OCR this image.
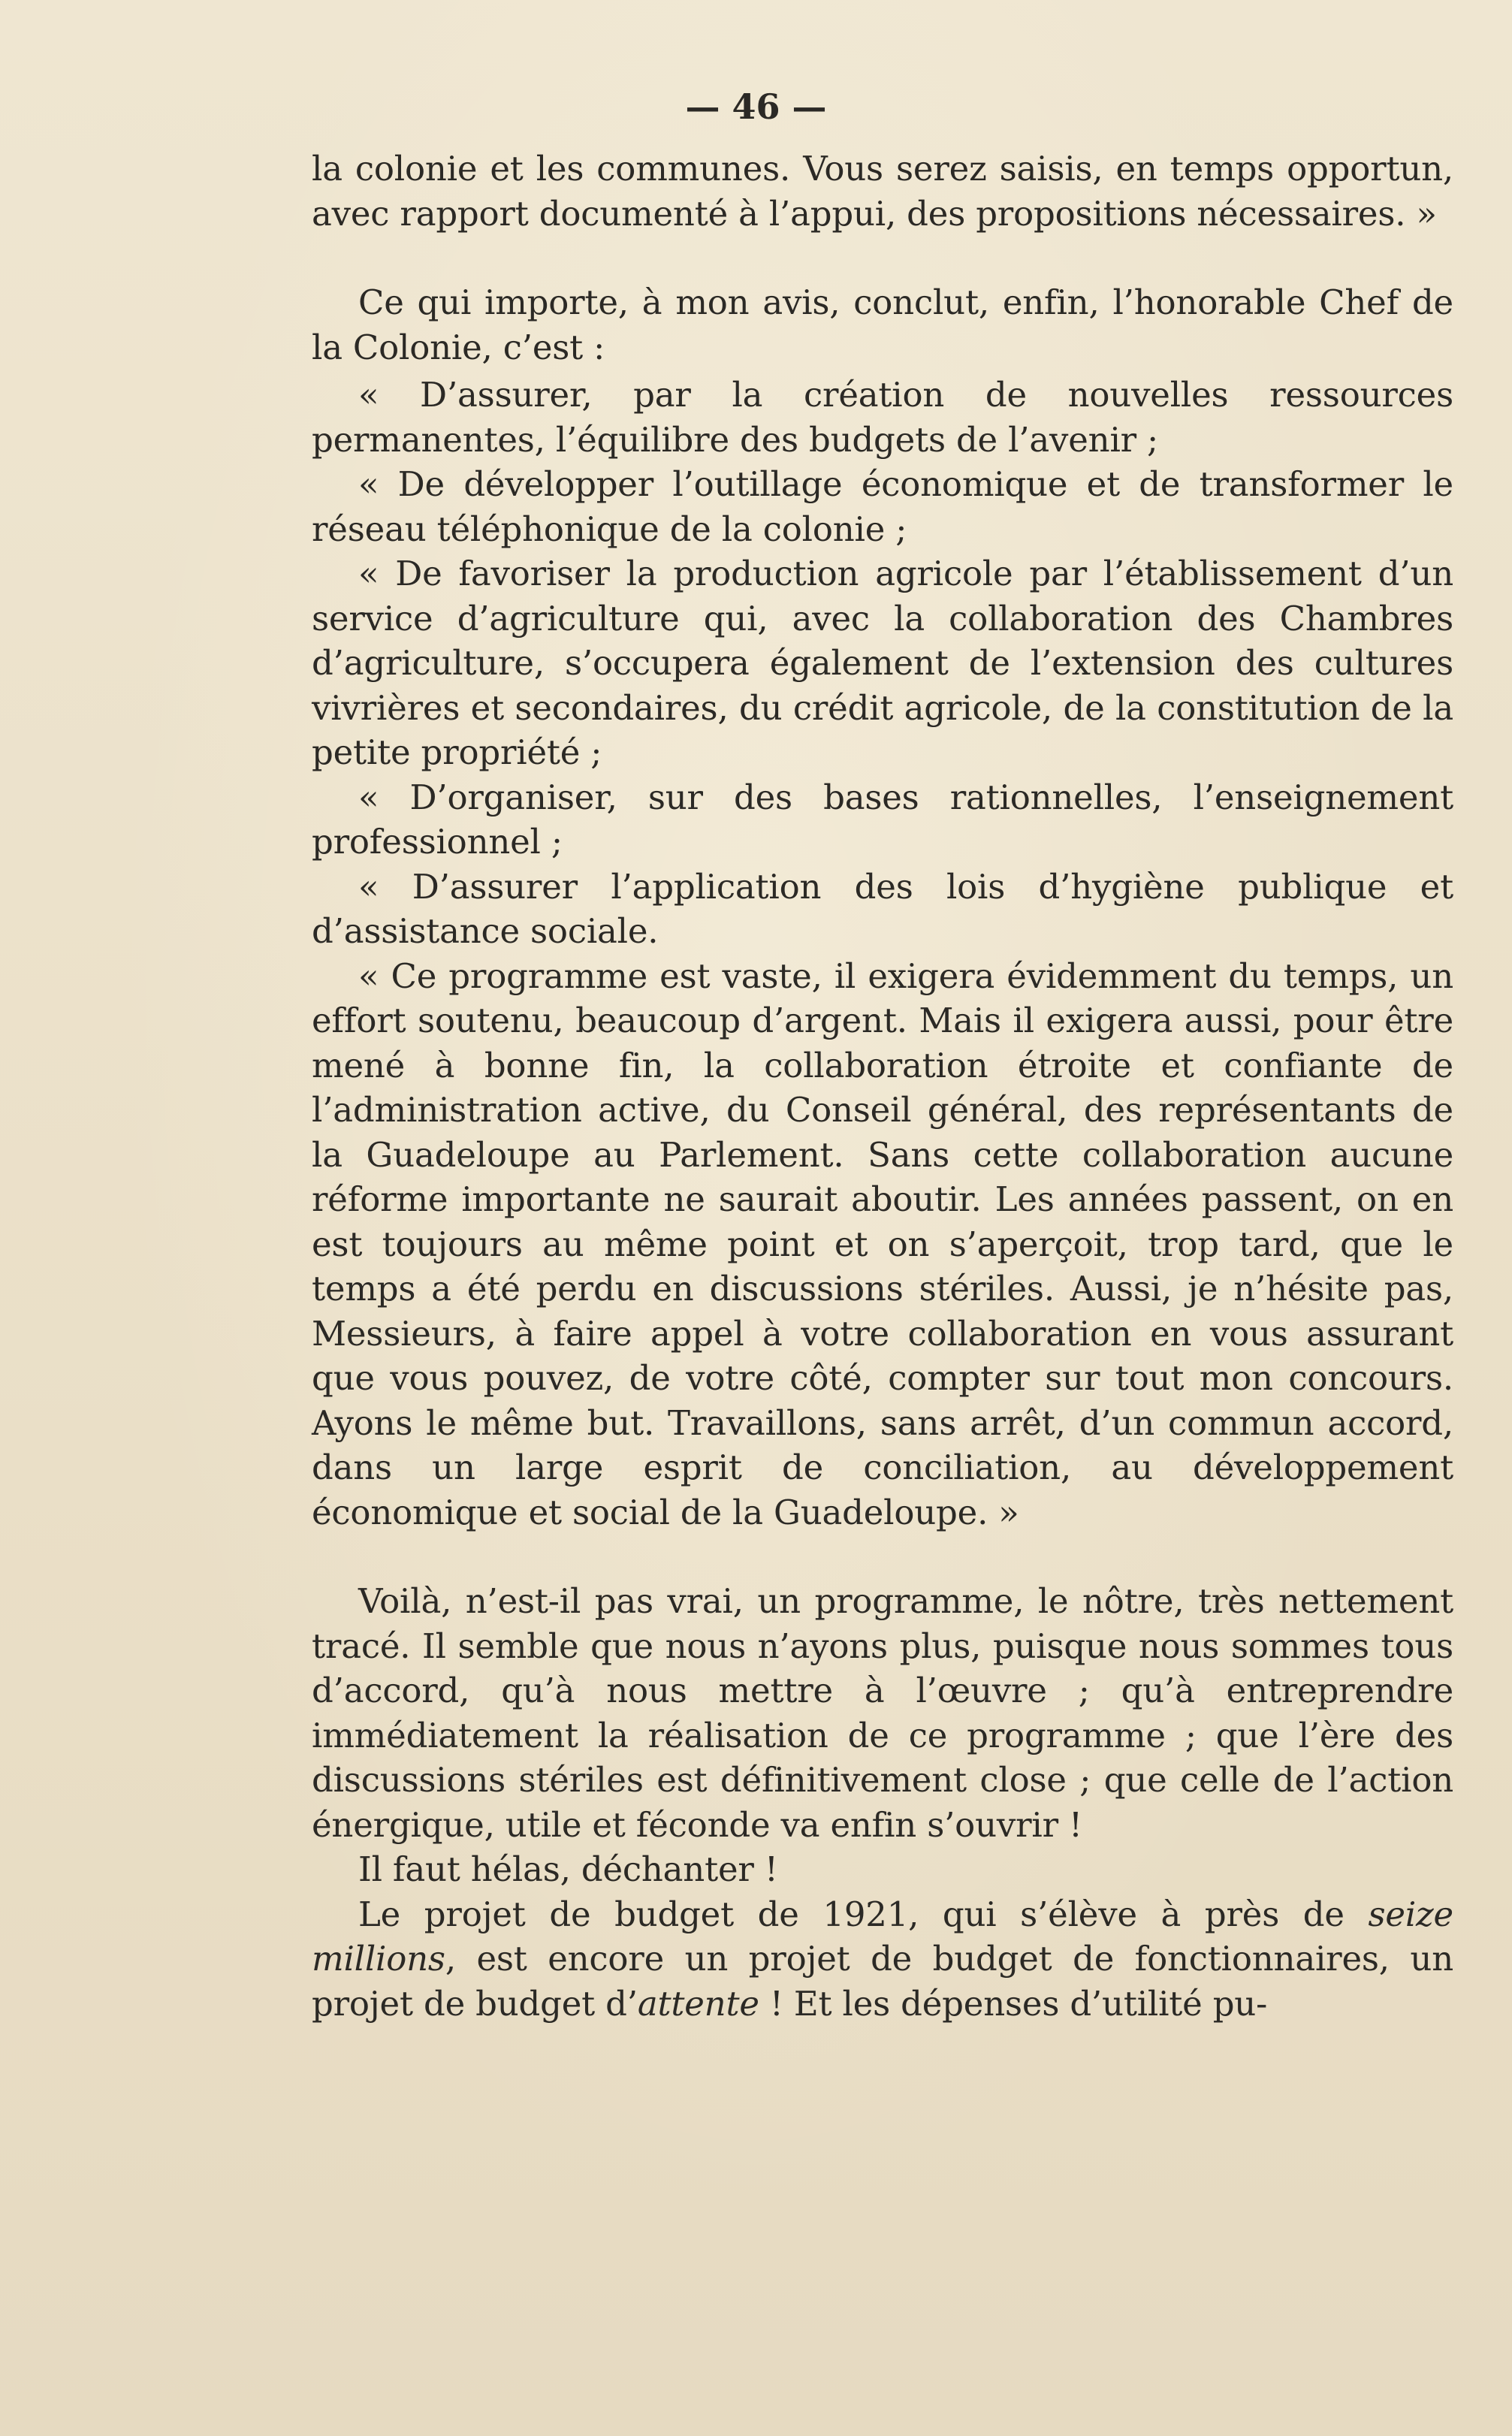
— 46 —

la colonie et les communes. Vous serez saisis, en temps opportun, avec rapport documenté à l’appui, des propositions nécessaires. »

Ce qui importe, à mon avis, conclut, enfin, l’honorable Chef de la Colonie, c’est :

« D’assurer, par la création de nouvelles ressources permanentes, l’équilibre des budgets de l’avenir ;

« De développer l’outillage économique et de transformer le réseau téléphonique de la colonie ;

« De favoriser la production agricole par l’établissement d’un service d’agriculture qui, avec la collaboration des Chambres d’agriculture, s’occupera également de l’extension des cultures vivrières et secondaires, du crédit agricole, de la constitution de la petite propriété ;

« D’organiser, sur des bases rationnelles, l’enseignement professionnel ;

« D’assurer l’application des lois d’hygiène publique et d’assistance sociale.

« Ce programme est vaste, il exigera évidemment du temps, un effort soutenu, beaucoup d’argent. Mais il exigera aussi, pour être mené à bonne fin, la collaboration étroite et confiante de l’administration active, du Conseil général, des représentants de la Guadeloupe au Parlement. Sans cette collaboration aucune réforme importante ne saurait aboutir. Les années passent, on en est toujours au même point et on s’aperçoit, trop tard, que le temps a été perdu en discussions stériles. Aussi, je n’hésite pas, Messieurs, à faire appel à votre collaboration en vous assurant que vous pouvez, de votre côté, compter sur tout mon concours. Ayons le même but. Travaillons, sans arrêt, d’un commun accord, dans un large esprit de conciliation, au développement économique et social de la Guadeloupe. »

Voilà, n’est-il pas vrai, un programme, le nôtre, très nettement tracé. Il semble que nous n’ayons plus, puisque nous sommes tous d’accord, qu’à nous mettre à l’œuvre ; qu’à entreprendre immédiatement la réalisation de ce programme ; que l’ère des discussions stériles est définitivement close ; que celle de l’action énergique, utile et féconde va enfin s’ouvrir !

Il faut hélas, déchanter !

Le projet de budget de 1921, qui s’élève à près de seize millions, est encore un projet de budget de fonctionnaires, un projet de budget d’attente ! Et les dépenses d’utilité pu-
